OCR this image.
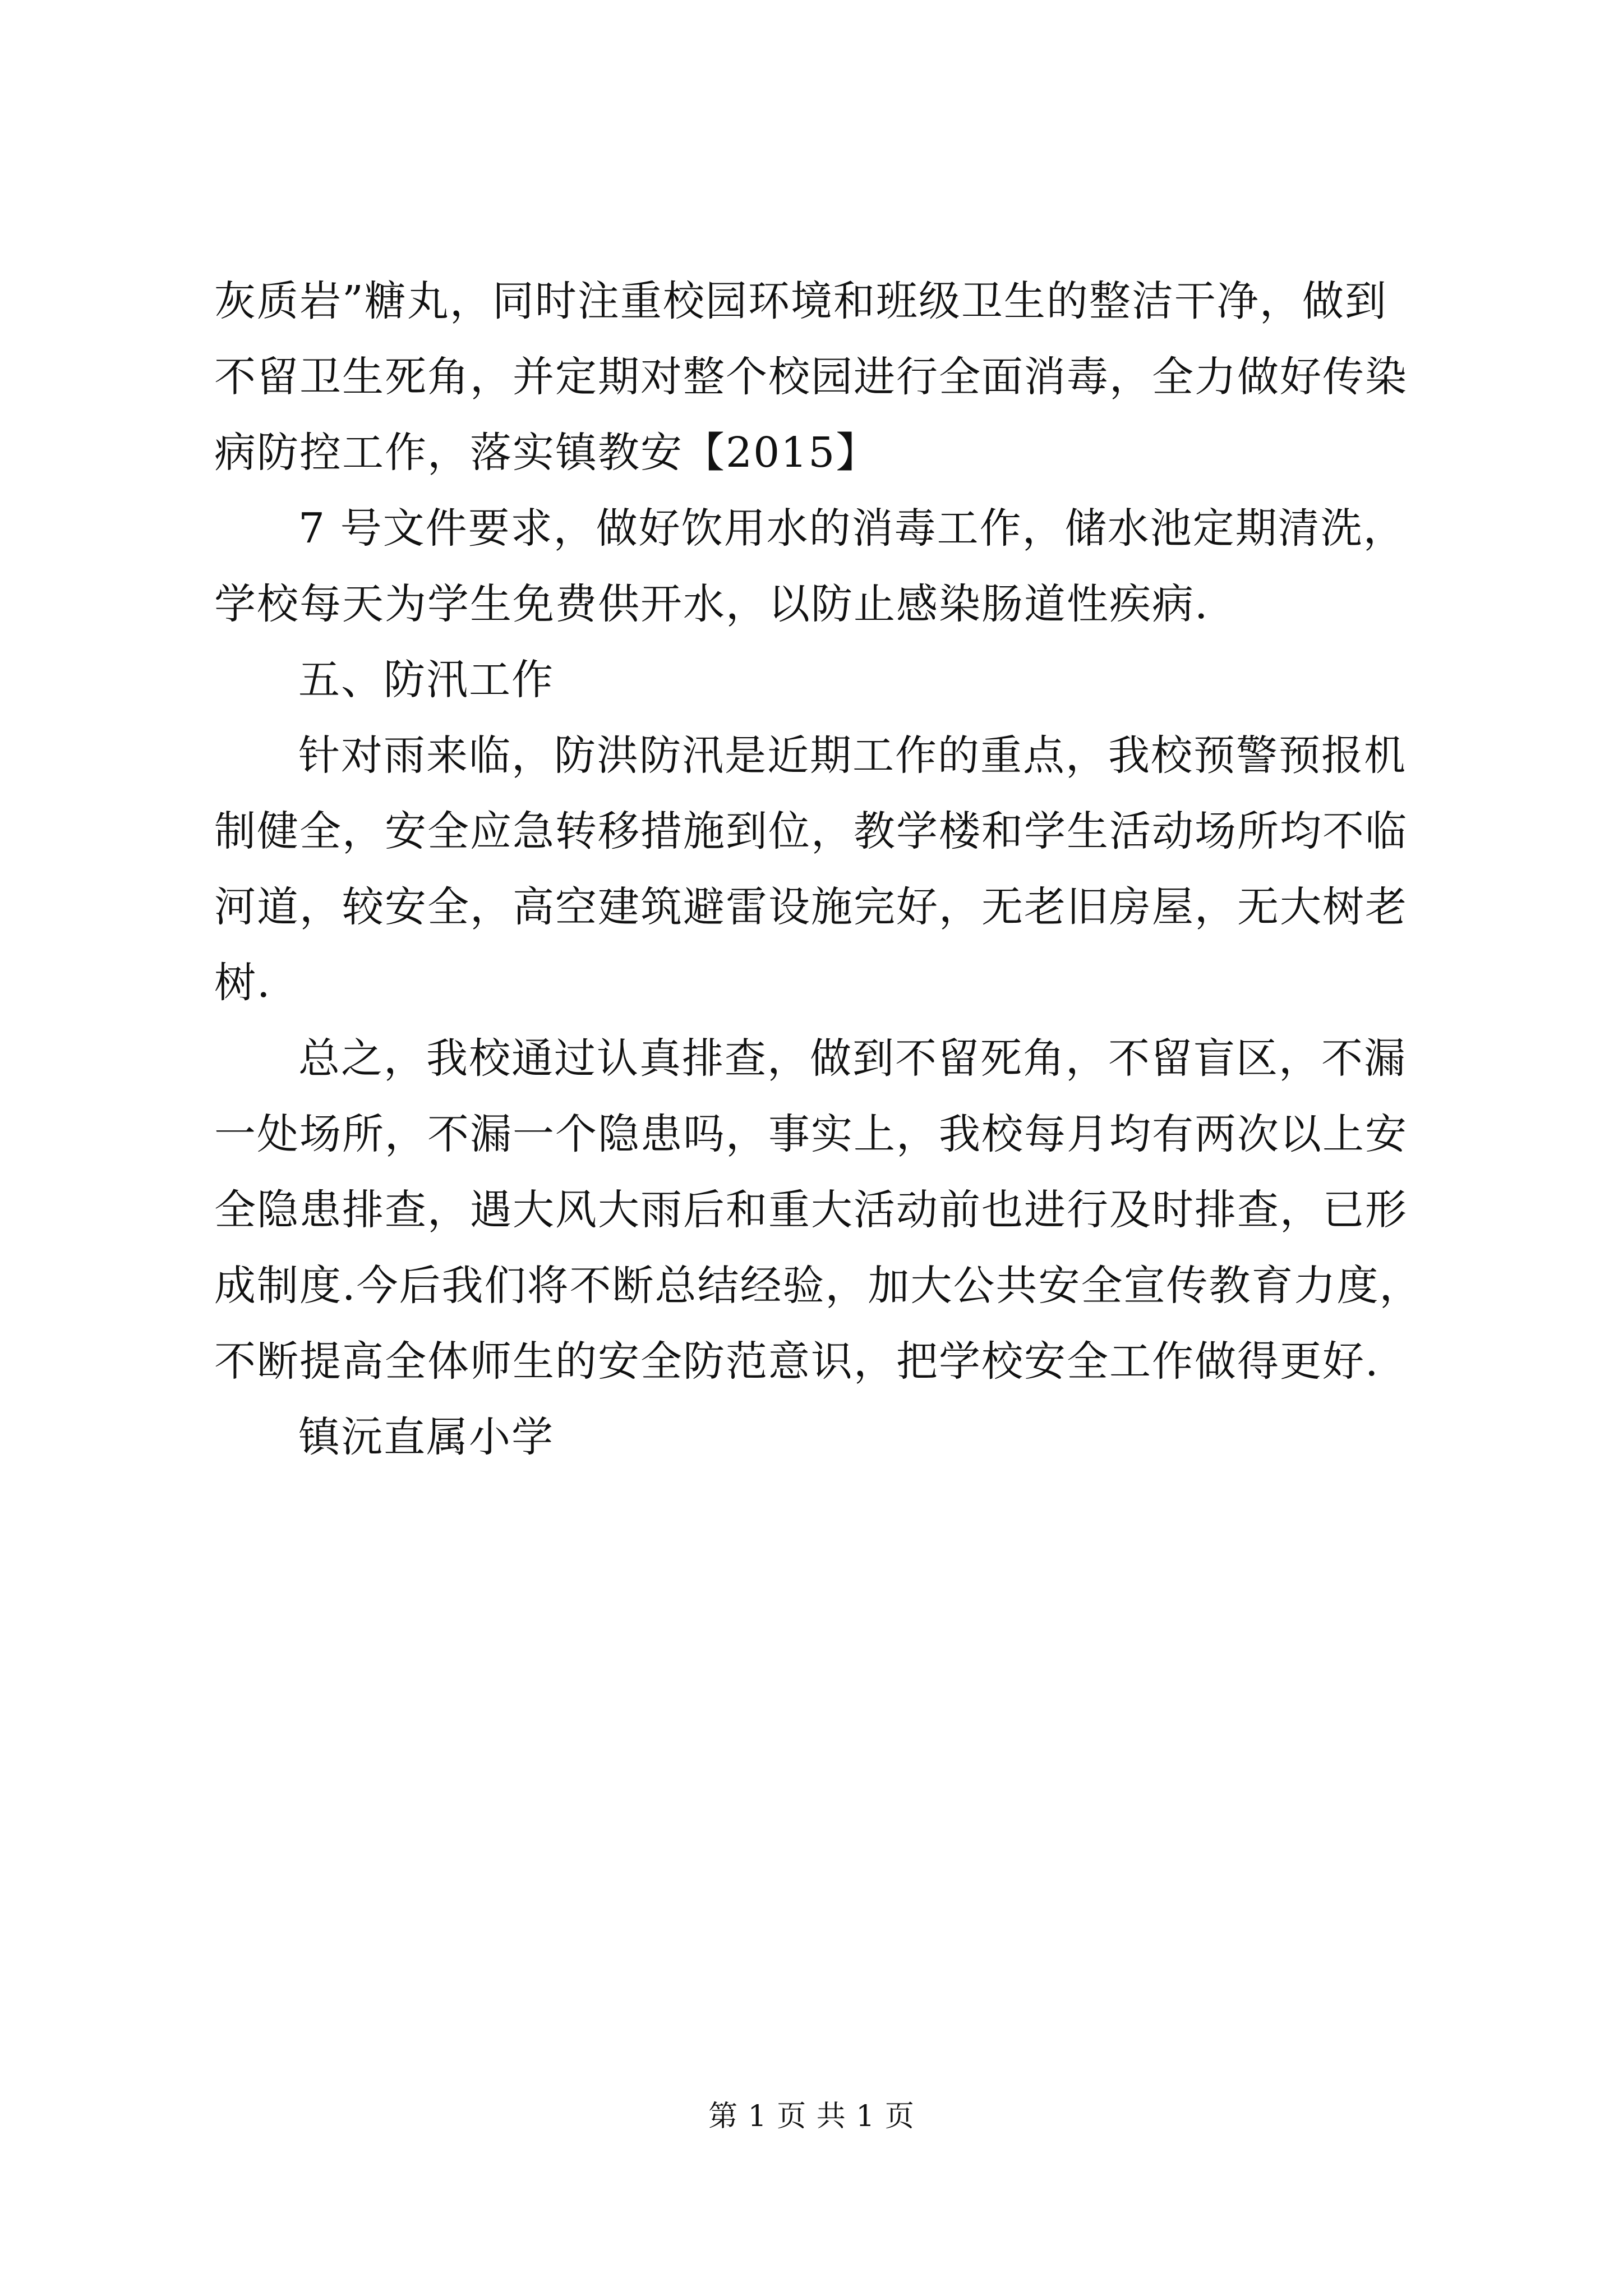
灰质岩”糖丸，同时注重校园环境和班级卫生的整洁干净，做到
不留卫生死角，并定期对整个校园进行全面消毒，全力做好传染
病防控工作，落实镇教安【2015】
7 号文件要求，做好饮用水的消毒工作，储水池定期清洗，
学校每天为学生免费供开水，以防止感染肠道性疾病.
五、防汛工作
针对雨来临，防洪防汛是近期工作的重点，我校预警预报机
制健全，安全应急转移措施到位，教学楼和学生活动场所均不临
河道，较安全，高空建筑避雷设施完好，无老旧房屋，无大树老
树.
总之，我校通过认真排查，做到不留死角，不留盲区，不漏
一处场所，不漏一个隐患吗，事实上，我校每月均有两次以上安
全隐患排查，遇大风大雨后和重大活动前也进行及时排查，已形
成制度.今后我们将不断总结经验，加大公共安全宣传教育力度，
不断提高全体师生的安全防范意识，把学校安全工作做得更好.
镇沅直属小学
第 1 页 共 1 页
